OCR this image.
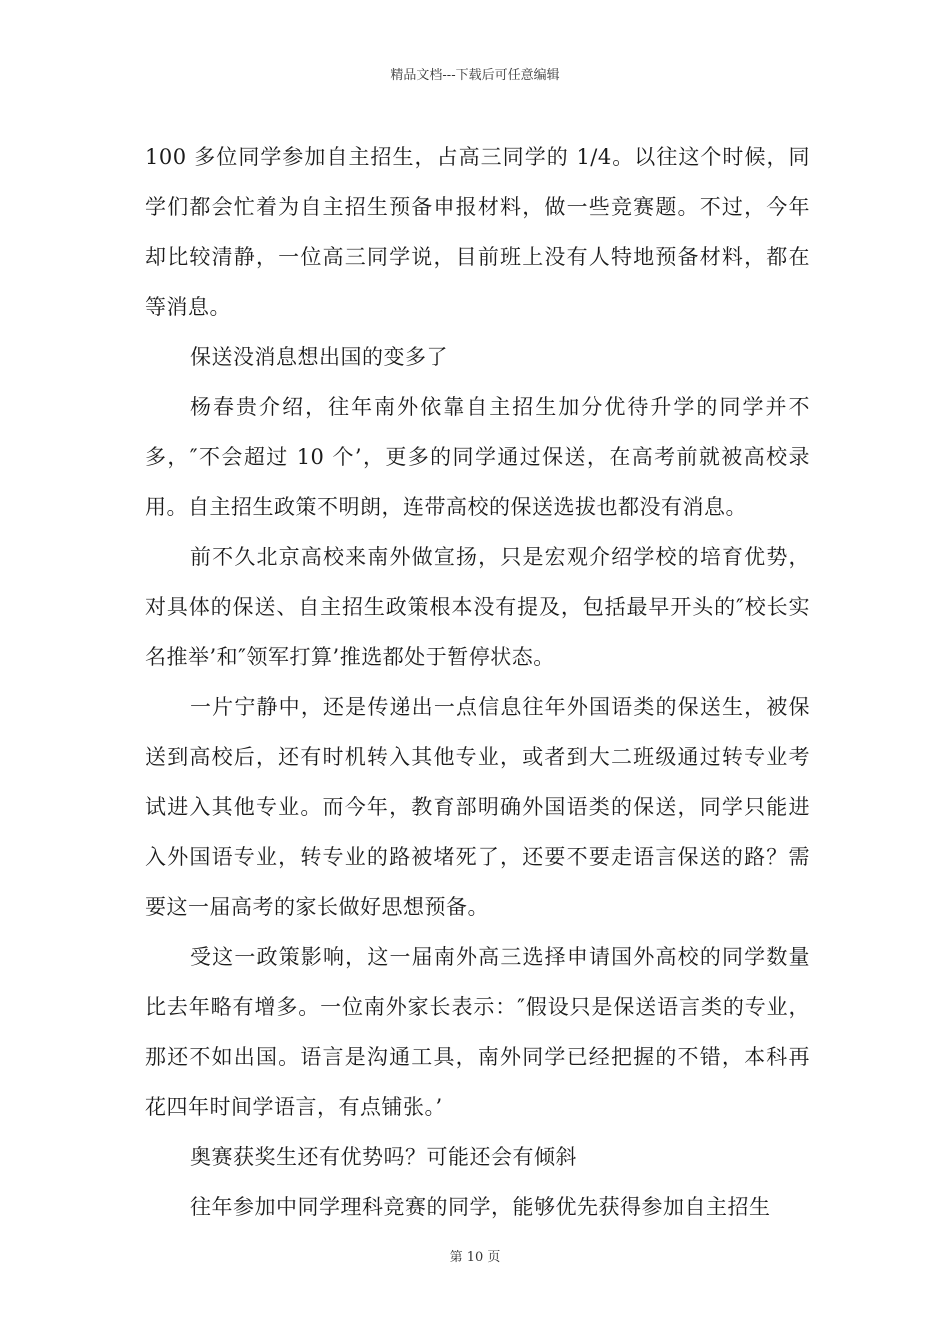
精品文档---下载后可任意编辑

100 多位同学参加自主招生，占高三同学的 1/4。以往这个时候，同学们都会忙着为自主招生预备申报材料，做一些竞赛题。不过，今年却比较清静，一位高三同学说，目前班上没有人特地预备材料，都在等消息。

保送没消息想出国的变多了

杨春贵介绍，往年南外依靠自主招生加分优待升学的同学并不多，″不会超过 10 个’，更多的同学通过保送，在高考前就被高校录用。自主招生政策不明朗，连带高校的保送选拔也都没有消息。

前不久北京高校来南外做宣扬，只是宏观介绍学校的培育优势，对具体的保送、自主招生政策根本没有提及，包括最早开头的″校长实名推举’和″领军打算’推选都处于暂停状态。

一片宁静中，还是传递出一点信息往年外国语类的保送生，被保送到高校后，还有时机转入其他专业，或者到大二班级通过转专业考试进入其他专业。而今年，教育部明确外国语类的保送，同学只能进入外国语专业，转专业的路被堵死了，还要不要走语言保送的路？需要这一届高考的家长做好思想预备。

受这一政策影响，这一届南外高三选择申请国外高校的同学数量比去年略有增多。一位南外家长表示：″假设只是保送语言类的专业，那还不如出国。语言是沟通工具，南外同学已经把握的不错，本科再花四年时间学语言，有点铺张。’

奥赛获奖生还有优势吗？可能还会有倾斜

往年参加中同学理科竞赛的同学，能够优先获得参加自主招生

第 10 页
